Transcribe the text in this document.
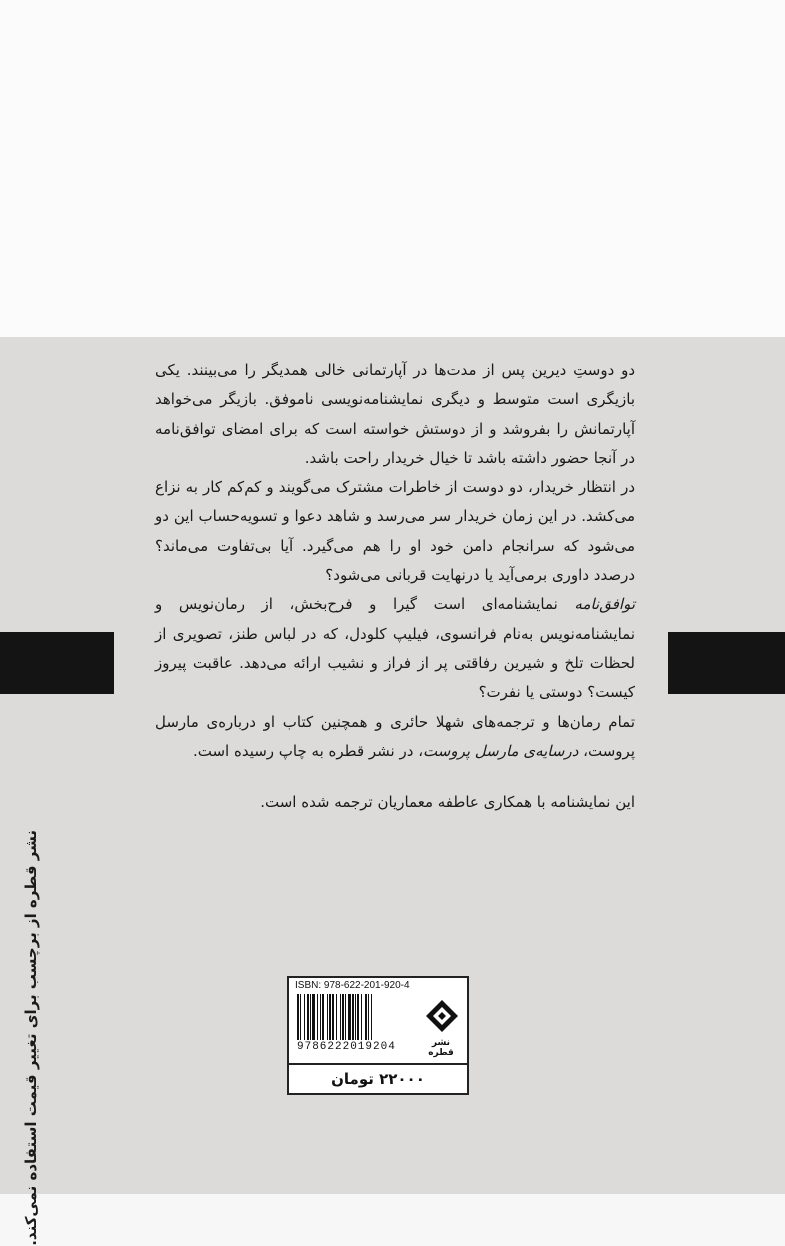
دو دوستِ دیرین پس از مدت‌ها در آپارتمانی خالی همدیگر را می‌بینند. یکی بازیگری است متوسط و دیگری نمایشنامه‌نویسی ناموفق. بازیگر می‌خواهد آپارتمانش را بفروشد و از دوستش خواسته است که برای امضای توافق‌نامه در آنجا حضور داشته باشد تا خیال خریدار راحت باشد.

در انتظار خریدار، دو دوست از خاطرات مشترک می‌گویند و کم‌کم کار به نزاع می‌کشد. در این زمان خریدار سر می‌رسد و شاهد دعوا و تسویه‌حساب این دو می‌شود که سرانجام دامن خود او را هم می‌گیرد. آیا بی‌تفاوت می‌ماند؟ درصدد داوری برمی‌آید یا درنهایت قربانی می‌شود؟

توافق‌نامه نمایشنامه‌ای است گیرا و فرح‌بخش، از رمان‌نویس و نمایشنامه‌نویس به‌نام فرانسوی، فیلیپ کلودل، که در لباس طنز، تصویری از لحظات تلخ و شیرین رفاقتی پر از فراز و نشیب ارائه می‌دهد. عاقبت پیروز کیست؟ دوستی یا نفرت؟

تمام رمان‌ها و ترجمه‌های شهلا حائری و همچنین کتاب او درباره‌ی مارسل پروست، درسایه‌ی مارسل پروست، در نشر قطره به چاپ رسیده است.

این نمایشنامه با همکاری عاطفه معماریان ترجمه شده است.

نشر قطره از برچسب برای تغییر قیمت استفاده نمی‌کند.	ISBN: 978-622-201-920-4
9786222019204	نشر قطره
۲۲۰۰۰ تومان
